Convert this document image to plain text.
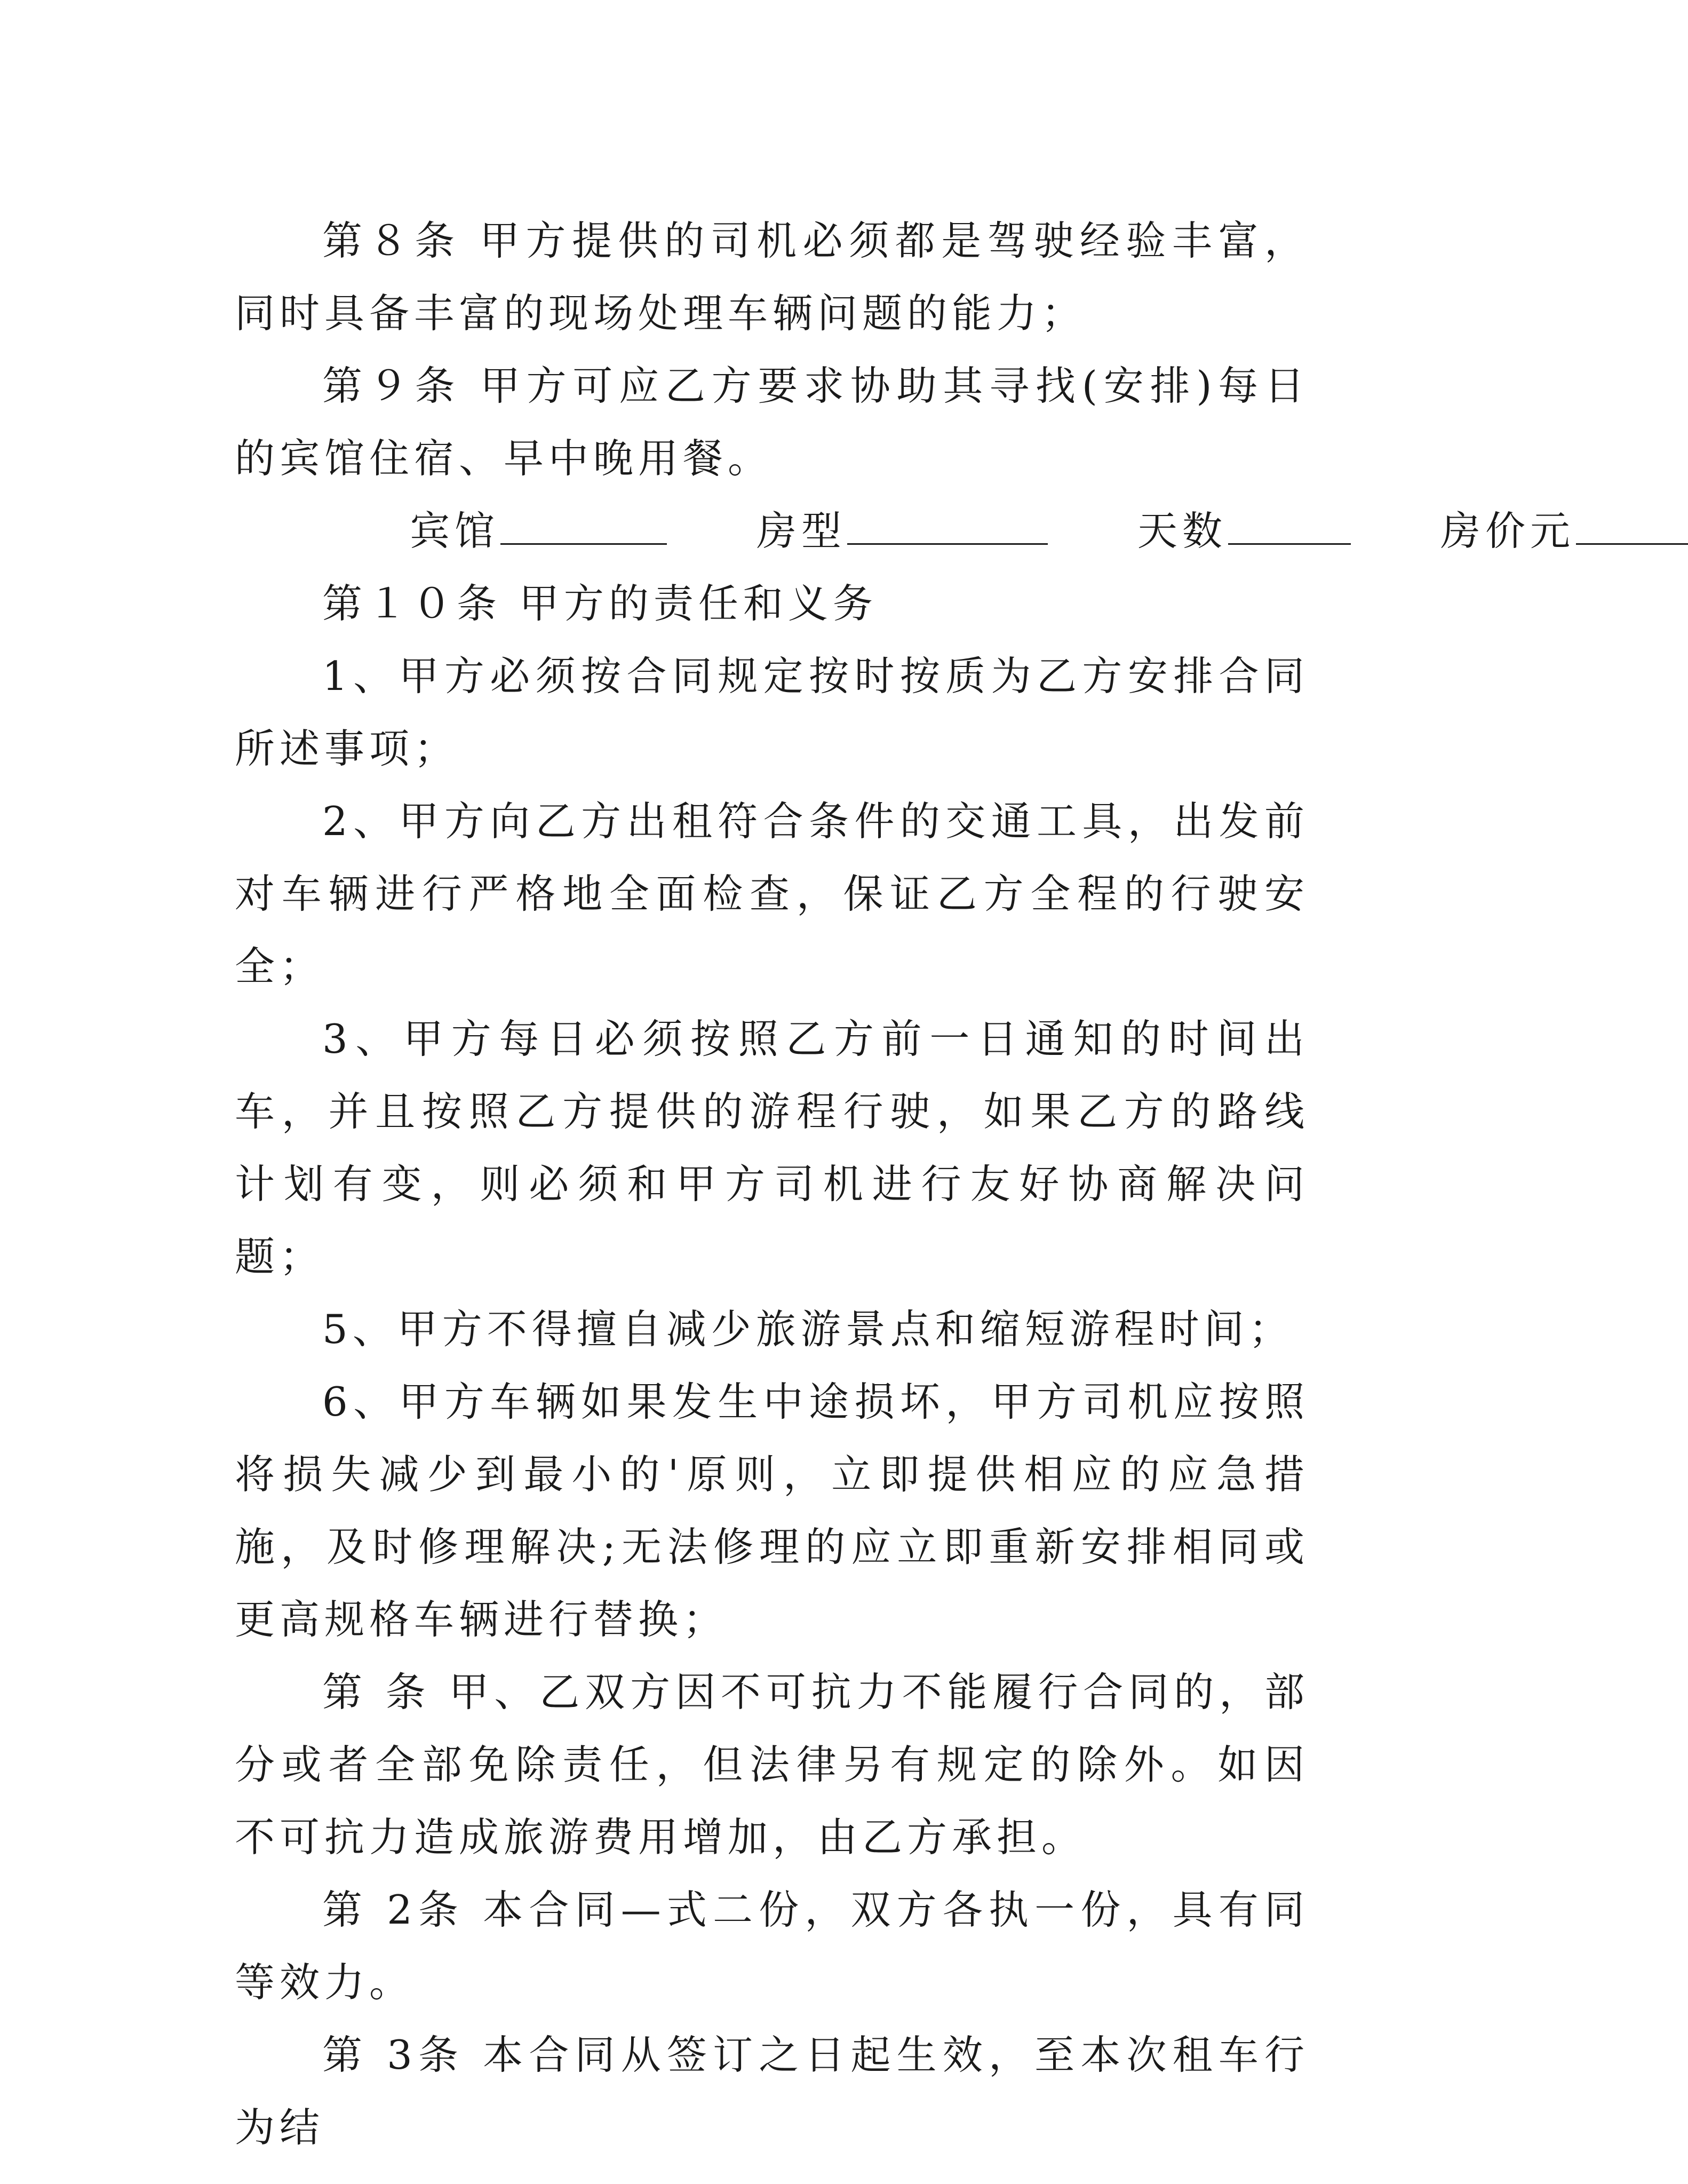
第８条 甲方提供的司机必须都是驾驶经验丰富，同时具备丰富的现场处理车辆问题的能力；

第９条 甲方可应乙方要求协助其寻找(安排)每日的宾馆住宿、早中晚用餐。

宾馆	房型	天数	房价元

第１０条 甲方的责任和义务

1、甲方必须按合同规定按时按质为乙方安排合同所述事项；

2、甲方向乙方出租符合条件的交通工具，出发前对车辆进行严格地全面检查，保证乙方全程的行驶安全；

3、甲方每日必须按照乙方前一日通知的时间出车，并且按照乙方提供的游程行驶，如果乙方的路线计划有变，则必须和甲方司机进行友好协商解决问题；

5、甲方不得擅自减少旅游景点和缩短游程时间；

6、甲方车辆如果发生中途损坏，甲方司机应按照将损失减少到最小的'原则，立即提供相应的应急措施，及时修理解决;无法修理的应立即重新安排相同或更高规格车辆进行替换；

第 条 甲、乙双方因不可抗力不能履行合同的，部分或者全部免除责任，但法律另有规定的除外。如因不可抗力造成旅游费用增加，由乙方承担。

第 2条 本合同—式二份，双方各执一份，具有同等效力。

第 3条 本合同从签订之日起生效，至本次租车行为结
